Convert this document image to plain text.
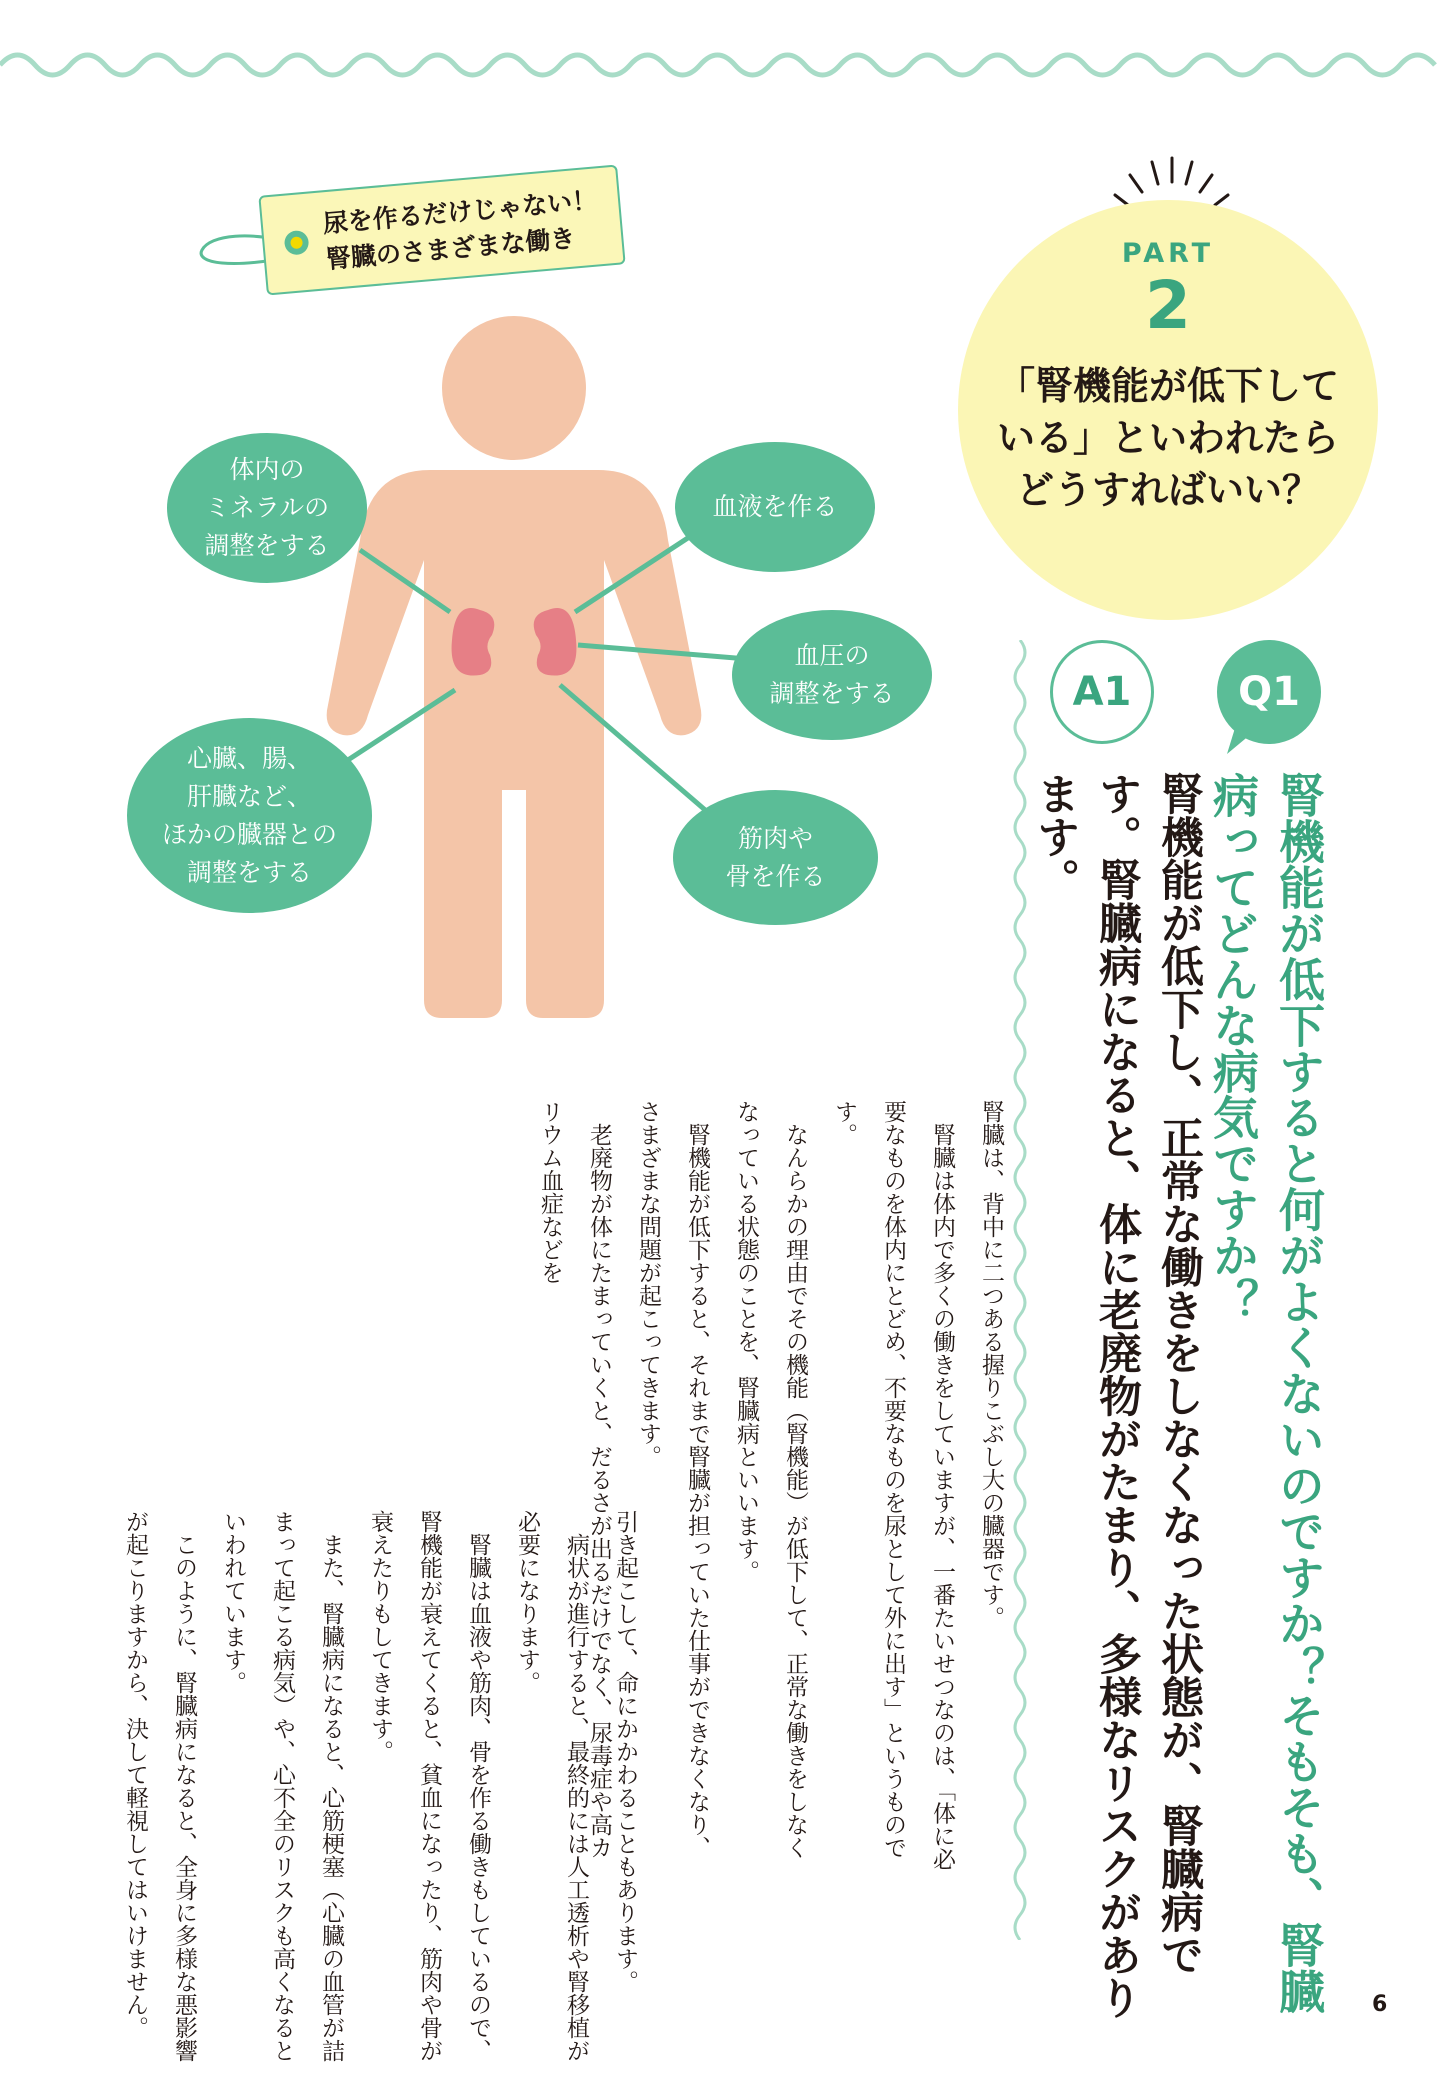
尿を作るだけじゃない！
腎臓のさまざまな働き	PART
2
「腎機能が低下して
いる」といわれたら
どうすればいい？
体内の
ミネラルの
調整をする
血液を作る
血圧の
調整をする
心臓、腸、
肝臓など、
ほかの臓器との
調整をする
筋肉や
骨を作る
Q1
A1
腎機能が低下すると何がよくないのですか？そもそも、腎臓病ってどんな病気ですか？
腎機能が低下し、正常な働きをしなくなった状態が、腎臓病です。腎臓病になると、体に老廃物がたまり、多様なリスクがあります。

腎臓は、背中に二つある握りこぶし大の臓器です。

腎臓は体内で多くの働きをしていますが、一番たいせつなのは、「体に必要なものを体内にとどめ、不要なものを尿として外に出す」というものです。

なんらかの理由でその機能（腎機能）が低下して、正常な働きをしなくなっている状態のことを、腎臓病といいます。

腎機能が低下すると、それまで腎臓が担っていた仕事ができなくなり、さまざまな問題が起こってきます。

老廃物が体にたまっていくと、だるさが出るだけでなく、尿毒症や高カリウム血症などを

引き起こして、命にかかわることもあります。

病状が進行すると、最終的には人工透析や腎移植が必要になります。

腎臓は血液や筋肉、骨を作る働きもしているので、腎機能が衰えてくると、貧血になったり、筋肉や骨が衰えたりもしてきます。

また、腎臓病になると、心筋梗塞（心臓の血管が詰まって起こる病気）や、心不全のリスクも高くなるといわれています。

このように、腎臓病になると、全身に多様な悪影響が起こりますから、決して軽視してはいけません。	6
